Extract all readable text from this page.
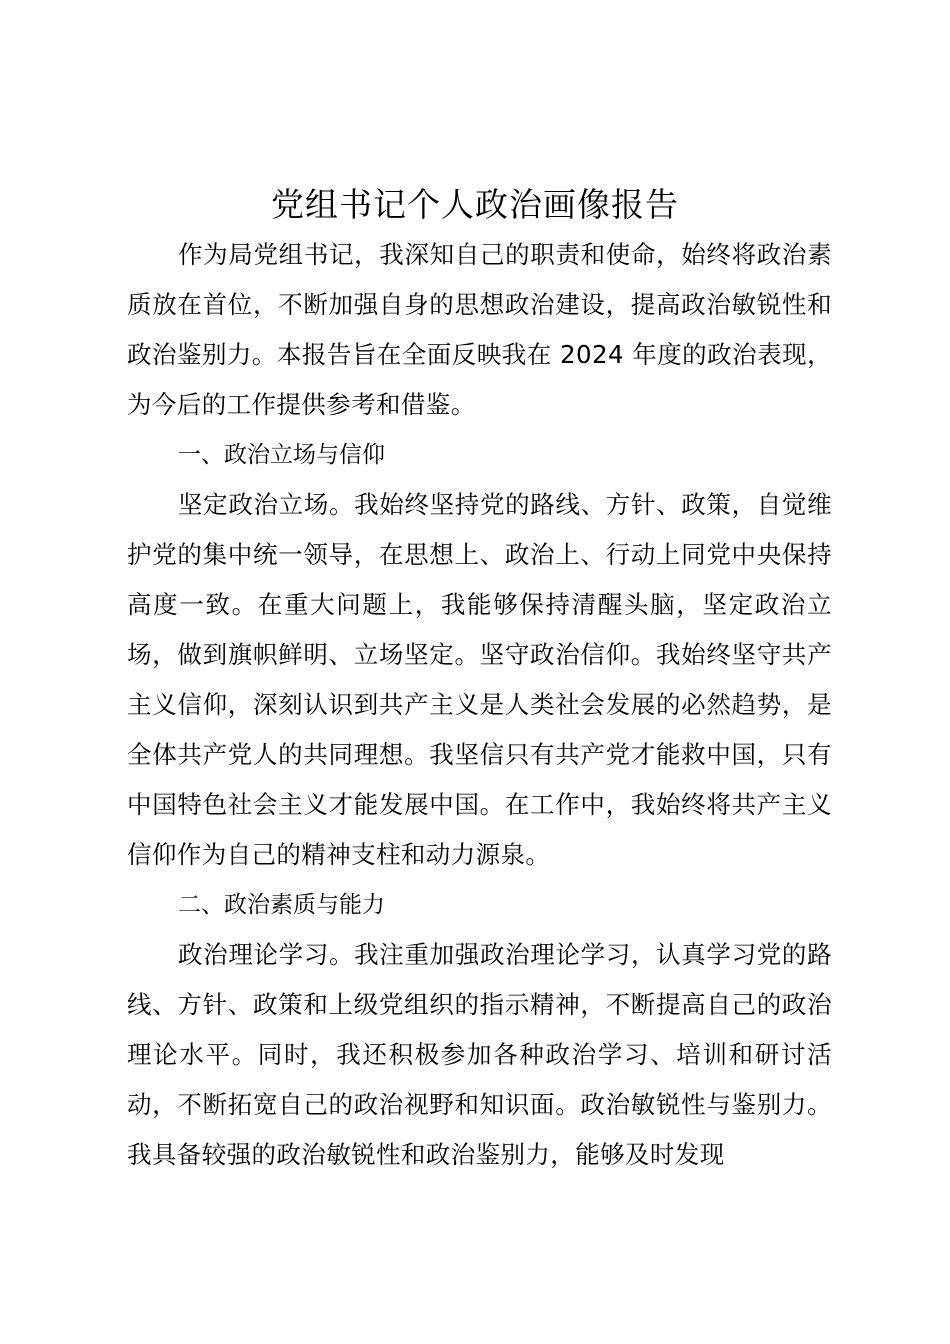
党组书记个人政治画像报告

作为局党组书记，我深知自己的职责和使命，始终将政治素质放在首位，不断加强自身的思想政治建设，提高政治敏锐性和政治鉴别力。本报告旨在全面反映我在 2024 年度的政治表现，为今后的工作提供参考和借鉴。

一、政治立场与信仰

坚定政治立场。我始终坚持党的路线、方针、政策，自觉维护党的集中统一领导，在思想上、政治上、行动上同党中央保持高度一致。在重大问题上，我能够保持清醒头脑，坚定政治立场，做到旗帜鲜明、立场坚定。坚守政治信仰。我始终坚守共产主义信仰，深刻认识到共产主义是人类社会发展的必然趋势，是全体共产党人的共同理想。我坚信只有共产党才能救中国，只有中国特色社会主义才能发展中国。在工作中，我始终将共产主义信仰作为自己的精神支柱和动力源泉。

二、政治素质与能力

政治理论学习。我注重加强政治理论学习，认真学习党的路线、方针、政策和上级党组织的指示精神，不断提高自己的政治理论水平。同时，我还积极参加各种政治学习、培训和研讨活动，不断拓宽自己的政治视野和知识面。政治敏锐性与鉴别力。我具备较强的政治敏锐性和政治鉴别力，能够及时发现
